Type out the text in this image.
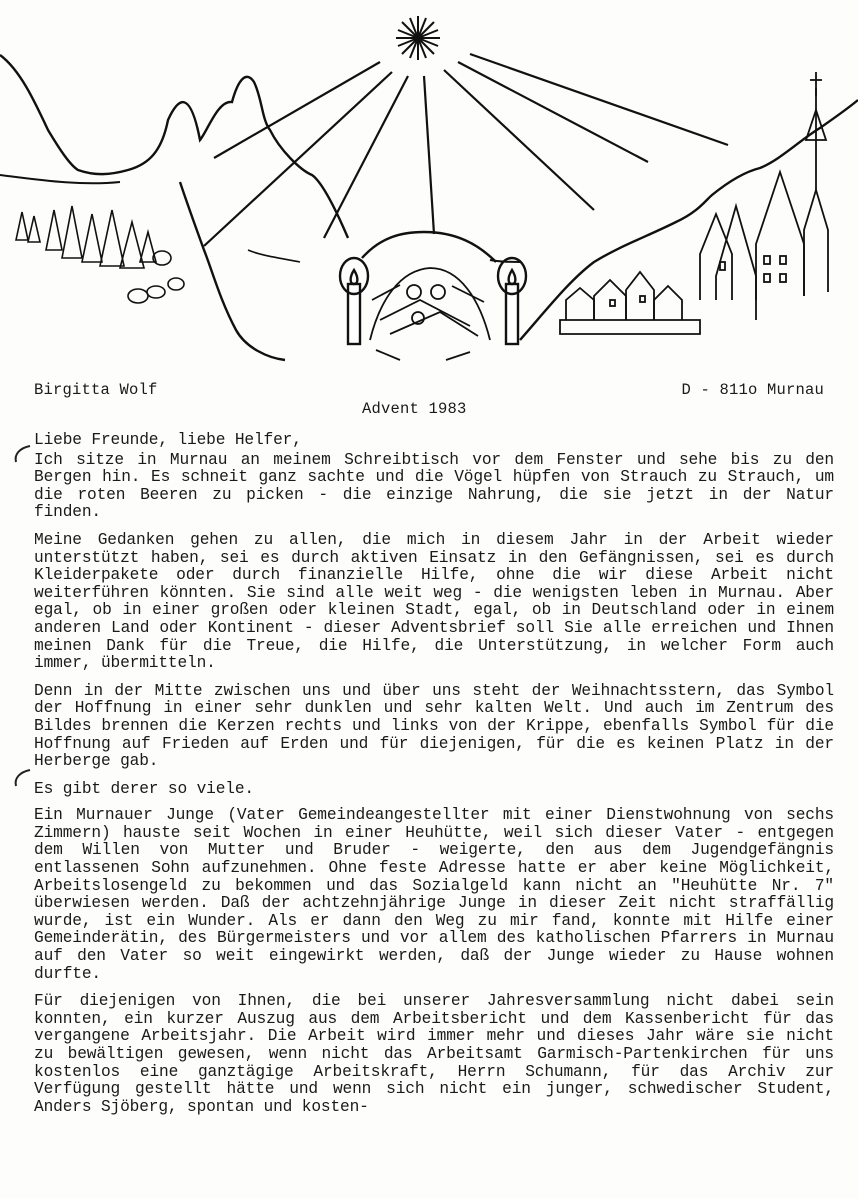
Birgitta Wolf	D - 811o Murnau
Advent 1983

Liebe Freunde, liebe Helfer,

Ich sitze in Murnau an meinem Schreibtisch vor dem Fenster und sehe bis zu den Bergen hin. Es schneit ganz sachte und die Vögel hüpfen von Strauch zu Strauch, um die roten Beeren zu picken - die einzige Nahrung, die sie jetzt in der Natur finden.

Meine Gedanken gehen zu allen, die mich in diesem Jahr in der Arbeit wieder unterstützt haben, sei es durch aktiven Einsatz in den Gefängnissen, sei es durch Kleiderpakete oder durch finanzielle Hilfe, ohne die wir diese Arbeit nicht weiterführen könnten. Sie sind alle weit weg - die wenigsten leben in Murnau. Aber egal, ob in einer großen oder kleinen Stadt, egal, ob in Deutschland oder in einem anderen Land oder Kontinent - dieser Adventsbrief soll Sie alle erreichen und Ihnen meinen Dank für die Treue, die Hilfe, die Unterstützung, in welcher Form auch immer, übermitteln.

Denn in der Mitte zwischen uns und über uns steht der Weihnachtsstern, das Symbol der Hoffnung in einer sehr dunklen und sehr kalten Welt. Und auch im Zentrum des Bildes brennen die Kerzen rechts und links von der Krippe, ebenfalls Symbol für die Hoffnung auf Frieden auf Erden und für diejenigen, für die es keinen Platz in der Herberge gab.

Es gibt derer so viele.

Ein Murnauer Junge (Vater Gemeindeangestellter mit einer Dienstwohnung von sechs Zimmern) hauste seit Wochen in einer Heuhütte, weil sich dieser Vater - entgegen dem Willen von Mutter und Bruder - weigerte, den aus dem Jugendgefängnis entlassenen Sohn aufzunehmen. Ohne feste Adresse hatte er aber keine Möglichkeit, Arbeitslosengeld zu bekommen und das Sozialgeld kann nicht an "Heuhütte Nr. 7" überwiesen werden. Daß der achtzehnjährige Junge in dieser Zeit nicht straffällig wurde, ist ein Wunder. Als er dann den Weg zu mir fand, konnte mit Hilfe einer Gemeinderätin, des Bürgermeisters und vor allem des katholischen Pfarrers in Murnau auf den Vater so weit eingewirkt werden, daß der Junge wieder zu Hause wohnen durfte.

Für diejenigen von Ihnen, die bei unserer Jahresversammlung nicht dabei sein konnten, ein kurzer Auszug aus dem Arbeitsbericht und dem Kassenbericht für das vergangene Arbeitsjahr. Die Arbeit wird immer mehr und dieses Jahr wäre sie nicht zu bewältigen gewesen, wenn nicht das Arbeitsamt Garmisch-Partenkirchen für uns kostenlos eine ganztägige Arbeitskraft, Herrn Schumann, für das Archiv zur Verfügung gestellt hätte und wenn sich nicht ein junger, schwedischer Student, Anders Sjöberg, spontan und kosten-
